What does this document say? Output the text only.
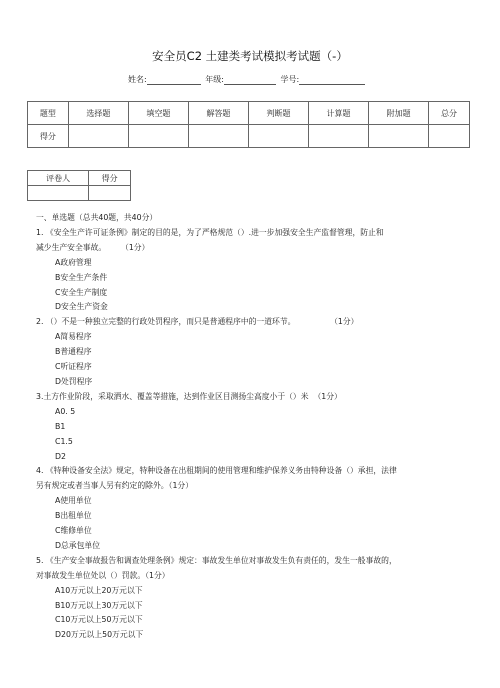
安全员C2 土建类考试模拟考试题（-）
姓名:	年级:	学号:
题型	选择题	填空题	解答题	判断题	计算题	附加题	总分
得分							
评卷人	得分

一、单选题（总共40题，共40分）
1. 《安全生产许可证条例》制定的目的是，为了严格规范（）.进一步加强安全生产监督管理，防止和
减少生产安全事故。      （1分）
A政府管理
B安全生产条件
C安全生产制度
D安全生产资金
2. （）不是一种独立完整的行政处罚程序，而只是普通程序中的一道环节。              （1分）
A简易程序
B普通程序
C听证程序
D处罚程序
3.土方作业阶段，采取洒水、覆盖等措施，达到作业区目测扬尘高度小于（）米  （1分）
A0. 5
B1
C1.5
D2
4. 《特种设备安全法》规定，特种设备在出租期间的使用管理和维护保养义务由特种设备（）承担，法律
另有规定或者当事人另有约定的除外。（1分）
A使用单位
B出租单位
C维修单位
D总承包单位
5. 《生产安全事故报告和调查处理条例》规定：事故发生单位对事故发生负有责任的，发生一般事故的，
对事故发生单位处以（）罚款。（1分）
A10万元以上20万元以下
B10万元以上30万元以下
C10万元以上50万元以下
D20万元以上50万元以下
